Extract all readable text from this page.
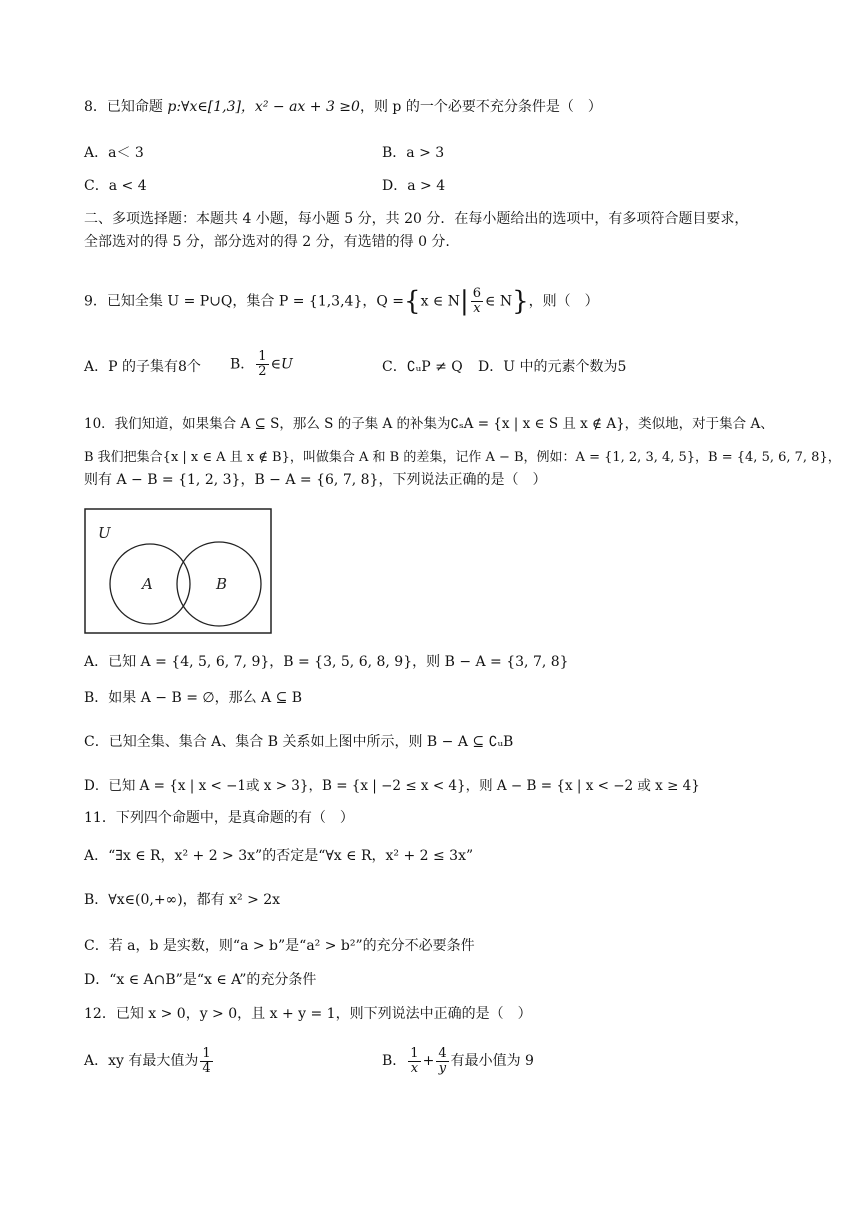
8．已知命题 p:∀x∈[1,3]，x² − ax + 3 ≥0，则 p 的一个必要不充分条件是（　）
A．a＜ 3	B．a > 3
C．a < 4	D．a > 4
二、多项选择题：本题共 4 小题，每小题 5 分，共 20 分．在每小题给出的选项中，有多项符合题目要求，
全部选对的得 5 分，部分选对的得 2 分，有选错的得 0 分.
9．已知全集 U = P∪Q，集合 P = {1,3,4}，Q ={x ∈ $N| \frac{6}{x}$ ∈ N}，则（　）
A．P 的子集有8个 B． $\frac{1}{2}$ ∈U	C．∁ᵤP ≠ Q D．U 中的元素个数为5
10．我们知道，如果集合 A ⊆ S，那么 S 的子集 A 的补集为∁ₛA = {x | x ∈ S 且 x ∉ A}，类似地，对于集合 A、
B 我们把集合{x | x ∈ A 且 x ∉ B}，叫做集合 A 和 B 的差集，记作 A − B，例如：A = {1, 2, 3, 4, 5}，B = {4, 5, 6, 7, 8}，
则有 A − B = {1, 2, 3}，B − A = {6, 7, 8}，下列说法正确的是（　）
U
A	B
A．已知 A = {4, 5, 6, 7, 9}，B = {3, 5, 6, 8, 9}，则 B − A = {3, 7, 8}
B．如果 A − B = ∅，那么 A ⊆ B
C．已知全集、集合 A、集合 B 关系如上图中所示，则 B − A ⊆ ∁ᵤB
D．已知 A = {x | x < −1或 x > 3}，B = {x | −2 ≤ x < 4}，则 A − B = {x | x < −2 或 x ≥ 4}
11．下列四个命题中，是真命题的有（　）
A．“∃x ∈ R，x² + 2 > 3x”的否定是“∀x ∈ R，x² + 2 ≤ 3x”
B．∀x∈(0,+∞)，都有 x² > 2x
C．若 a，b 是实数，则“a > b”是“a² > b²”的充分不必要条件
D．“x ∈ A∩B”是“x ∈ A”的充分条件
12．已知 x > 0，y > 0，且 x + y = 1，则下列说法中正确的是（　）
A．xy 有最大值为 $\frac{1}{4}$	B． $\frac{1}{x} + \frac{4}{y}$ 有最小值为 9
